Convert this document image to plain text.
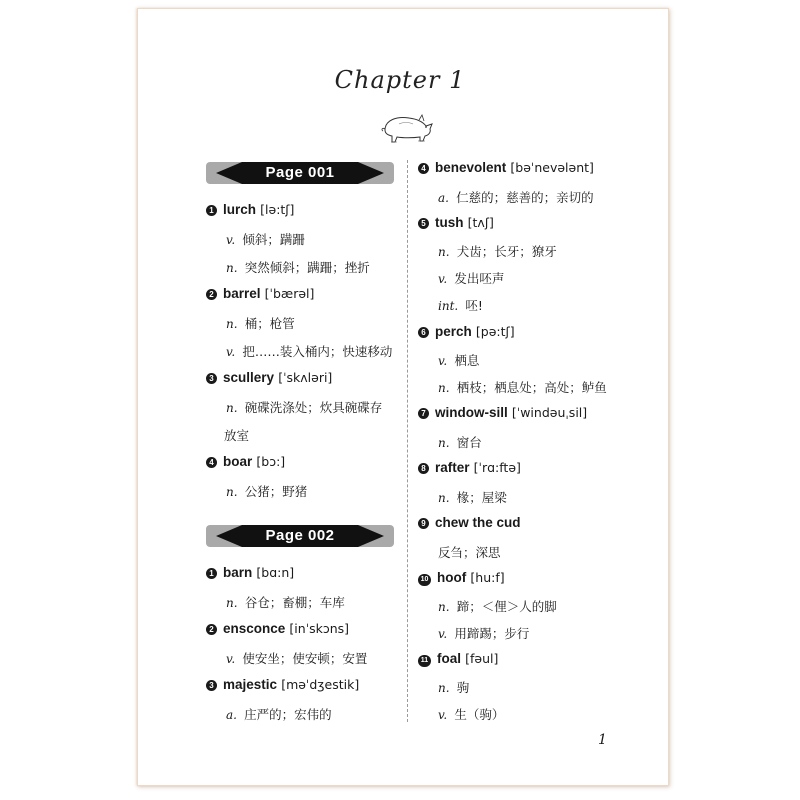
Chapter 1
Page 001
Page 002
1 lurch [lə:tʃ]
v. 倾斜；蹒跚
n. 突然倾斜；蹒跚；挫折
2 barrel [ˈbærəl]
n. 桶；枪管
v. 把……装入桶内；快速移动
3 scullery [ˈskʌləri]
n. 碗碟洗涤处；炊具碗碟存
放室
4 boar [bɔ:]
n. 公猪；野猪
1 barn [bɑ:n]
n. 谷仓；畜棚；车库
2 ensconce [inˈskɔns]
v. 使安坐；使安顿；安置
3 majestic [məˈdʒestik]
a. 庄严的；宏伟的
4 benevolent [bəˈnevələnt]
a. 仁慈的；慈善的；亲切的
5 tush [tʌʃ]
n. 犬齿；长牙；獠牙
v. 发出呸声
int. 呸!
6 perch [pə:tʃ]
v. 栖息
n. 栖枝；栖息处；高处；鲈鱼
7 window-sill [ˈwindəuˌsil]
n. 窗台
8 rafter [ˈrɑ:ftə]
n. 椽；屋梁
9 chew the cud
反刍；深思
10 hoof [hu:f]
n. 蹄；＜俚＞人的脚
v. 用蹄踢；步行
11 foal [fəul]
n. 驹
v. 生（驹）
1
